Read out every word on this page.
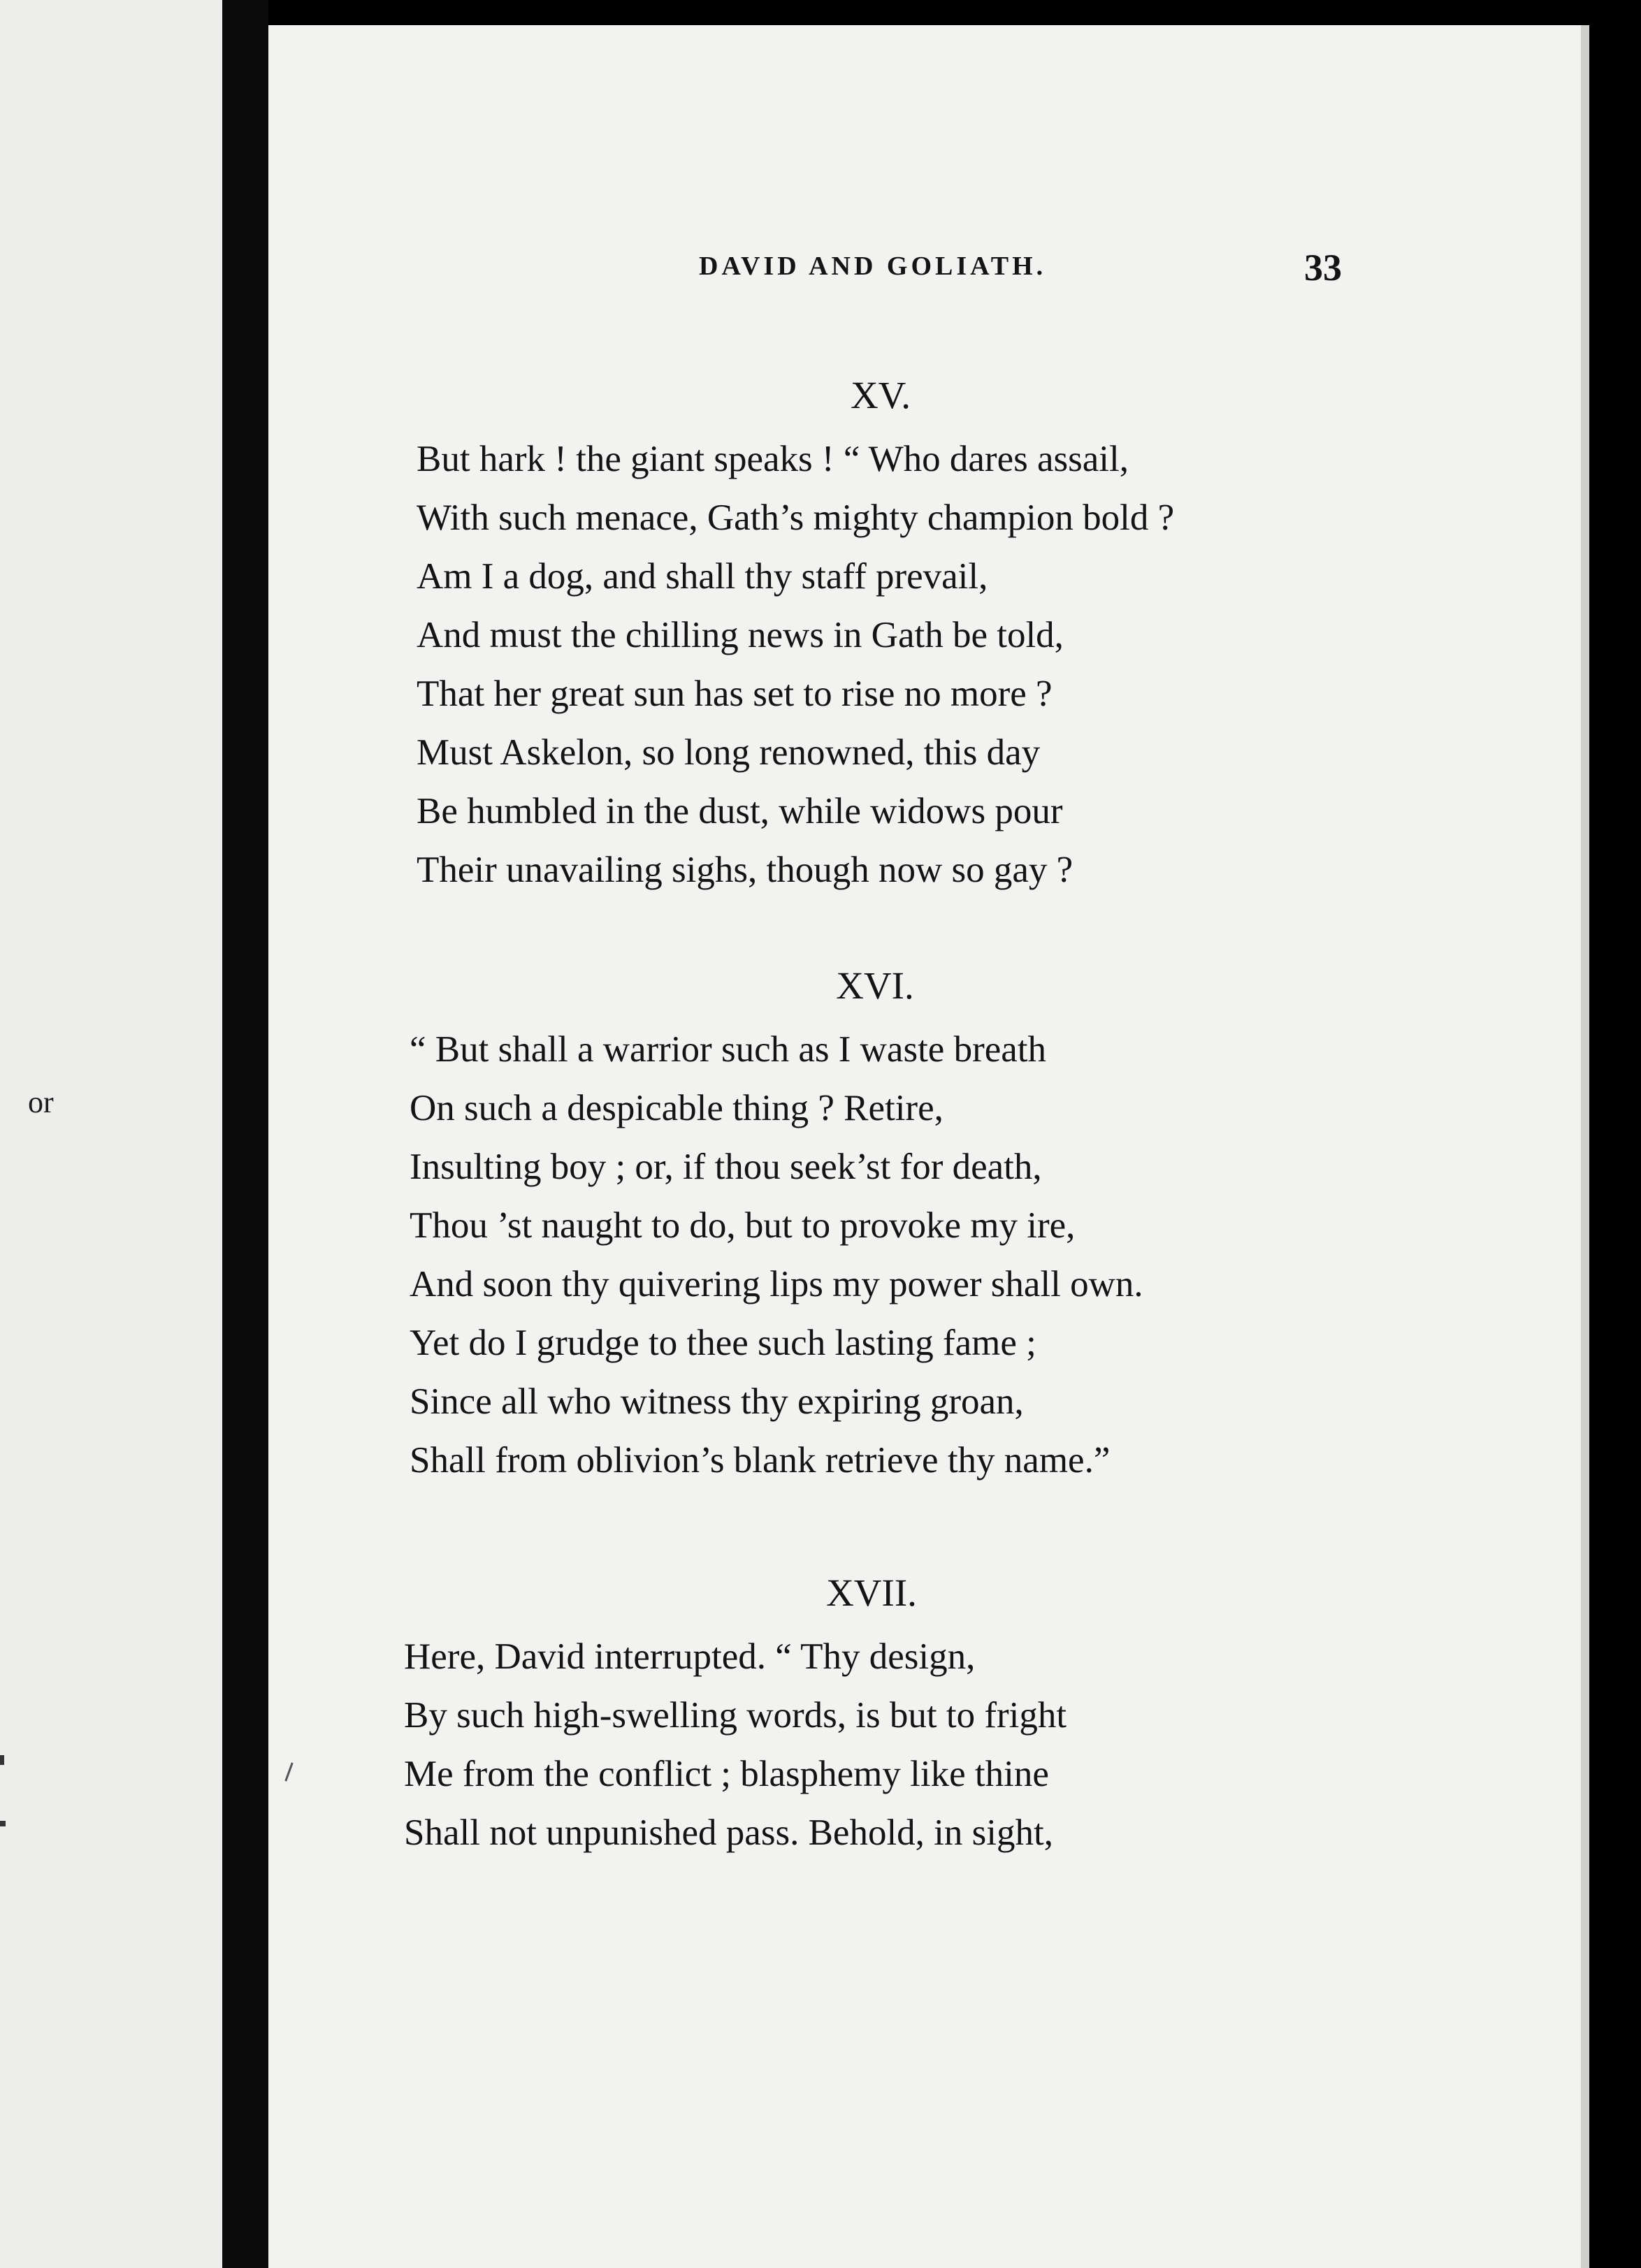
or
DAVID AND GOLIATH.	33
XV.
But hark ! the giant speaks ! “ Who dares assail,
With such menace, Gath’s mighty champion bold ?
Am I a dog, and shall thy staff prevail,
And must the chilling news in Gath be told,
That her great sun has set to rise no more ?
Must Askelon, so long renowned, this day
Be humbled in the dust, while widows pour
Their unavailing sighs, though now so gay ?
XVI.
“ But shall a warrior such as I waste breath
On such a despicable thing ? Retire,
Insulting boy ; or, if thou seek’st for death,
Thou ’st naught to do, but to provoke my ire,
And soon thy quivering lips my power shall own.
Yet do I grudge to thee such lasting fame ;
Since all who witness thy expiring groan,
Shall from oblivion’s blank retrieve thy name.”
XVII.
Here, David interrupted. “ Thy design,
By such high-swelling words, is but to fright
Me from the conflict ; blasphemy like thine
Shall not unpunished pass. Behold, in sight,
